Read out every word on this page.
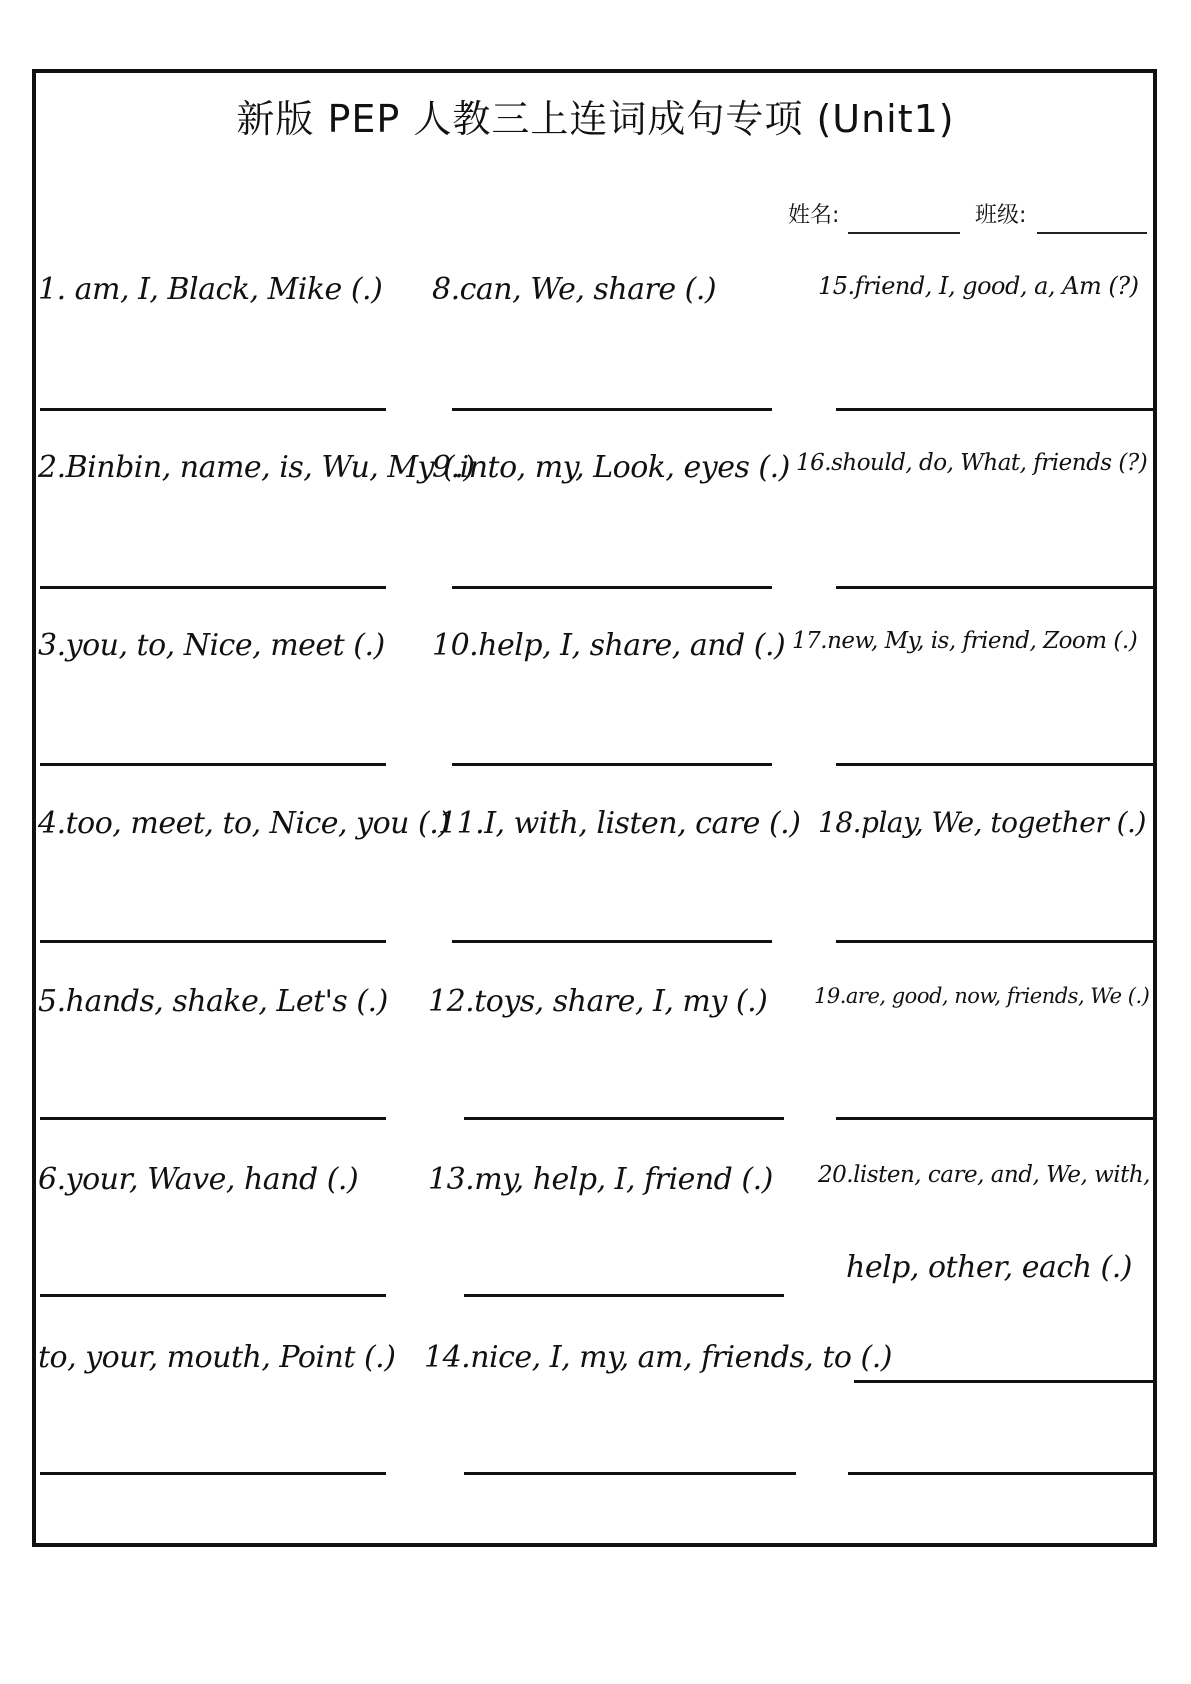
新版 PEP 人教三上连词成句专项 (Unit1)
姓名:	班级:
1. am, I, Black, Mike (.)
2.Binbin, name, is, Wu, My (.)
3.you, to, Nice, meet (.)
4.too, meet, to, Nice, you (.)
5.hands, shake, Let's (.)
6.your, Wave, hand (.)
to, your, mouth, Point (.)
8.can, We, share (.)
9.into, my, Look, eyes (.)
10.help, I, share, and (.)
11.I, with, listen, care (.)
12.toys, share, I, my (.)
13.my, help, I, friend (.)
14.nice, I, my, am, friends, to (.)
15.friend, I, good, a, Am (?)
16.should, do, What, friends (?)
17.new, My, is, friend, Zoom (.)
18.play, We, together (.)
19.are, good, now, friends, We (.)
20.listen, care, and, We, with,
help, other, each (.)
